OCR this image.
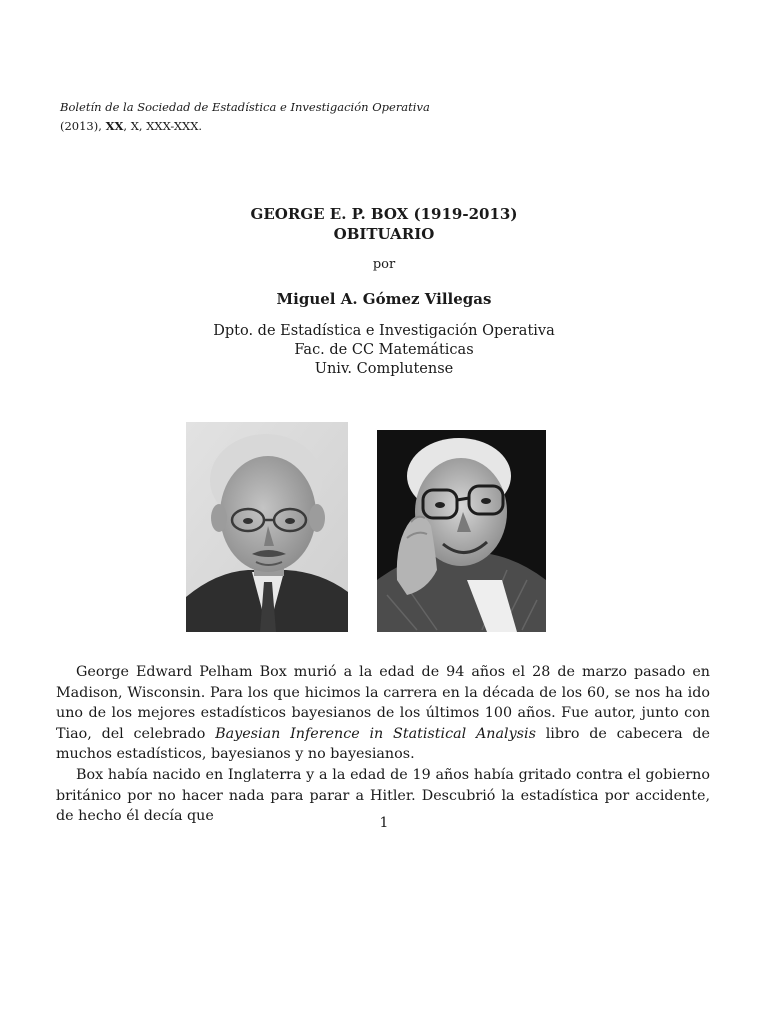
Boletín de la Sociedad de Estadística e Investigación Operativa
(2013), XX, X, XXX-XXX.
GEORGE E. P. BOX (1919-2013)
OBITUARIO
por
Miguel A. Gómez Villegas
Dpto. de Estadística e Investigación Operativa
Fac. de CC Matemáticas
Univ. Complutense

George Edward Pelham Box murió a la edad de 94 años el 28 de marzo pasado en Madison, Wisconsin. Para los que hicimos la carrera en la década de los 60, se nos ha ido uno de los mejores estadísticos bayesianos de los últimos 100 años. Fue autor, junto con Tiao, del celebrado Bayesian Inference in Statistical Analysis libro de cabecera de muchos estadísticos, bayesianos y no bayesianos.

Box había nacido en Inglaterra y a la edad de 19 años había gritado contra el gobierno británico por no hacer nada para parar a Hitler. Descubrió la estadística por accidente, de hecho él decía que	1
